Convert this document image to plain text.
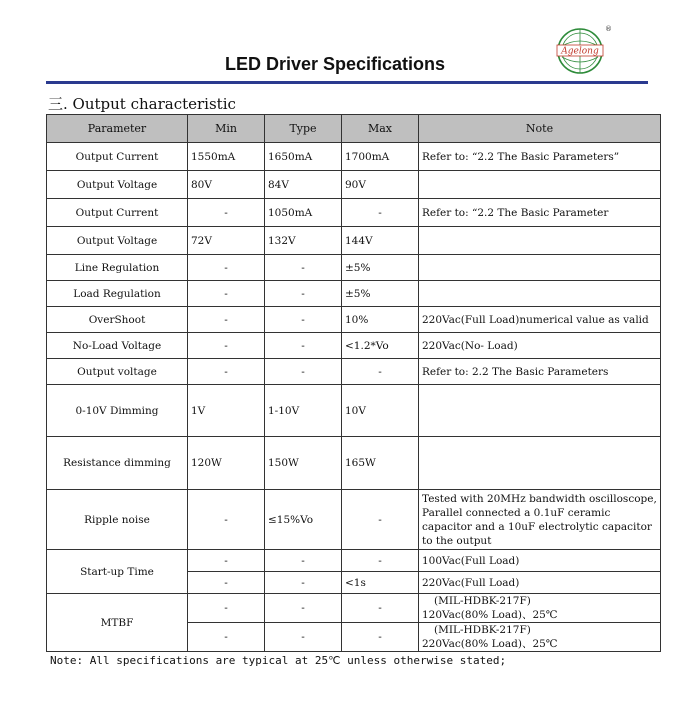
LED Driver Specifications
Agelong
®
三. Output characteristic
Parameter	Min	Type	Max	Note
Output Current	1550mA	1650mA	1700mA	Refer to: “2.2 The Basic Parameters”
Output Voltage	80V	84V	90V	
Output Current	-	1050mA	-	Refer to: “2.2 The Basic Parameter
Output Voltage	72V	132V	144V	
Line Regulation	-	-	±5%	
Load Regulation	-	-	±5%	
OverShoot	-	-	10%	220Vac(Full Load)numerical value as valid
No-Load Voltage	-	-	<1.2*Vo	220Vac(No- Load)
Output voltage	-	-	-	Refer to: 2.2 The Basic Parameters
0-10V Dimming	1V	1-10V	10V	
Resistance dimming	120W	150W	165W	
Ripple noise	-	≤15%Vo	-	Tested with 20MHz bandwidth oscilloscope, Parallel connected a 0.1uF ceramic capacitor and a 10uF electrolytic capacitor to the output
Start-up Time	-	-	-	100Vac(Full Load)
	-	-	<1s	220Vac(Full Load)
MTBF	-	-	-	(MIL-HDBK-217F)
120Vac(80% Load)、25℃
	-	-	-	(MIL-HDBK-217F)
220Vac(80% Load)、25℃
Note: All specifications are typical at 25℃ unless otherwise stated;
